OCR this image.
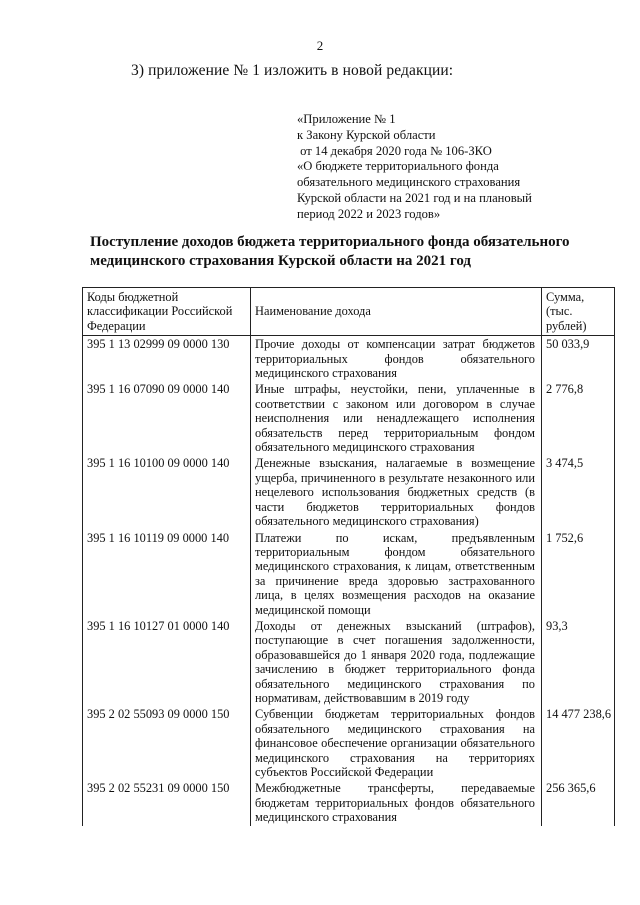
2
3) приложение № 1 изложить в новой редакции:
«Приложение № 1
к Закону Курской области
от 14 декабря 2020 года № 106-ЗКО
«О бюджете территориального фонда
обязательного медицинского страхования
Курской области на 2021 год и на плановый
период 2022 и 2023 годов»
Поступление доходов бюджета территориального фонда обязательного медицинского страхования Курской области на 2021 год
Коды бюджетной классификации Российской Федерации	Наименование дохода	Сумма, (тыс. рублей)
395 1 13 02999 09 0000 130	Прочие доходы от компенсации затрат бюджетов территориальных фондов обязательного медицинского страхования	50 033,9
395 1 16 07090 09 0000 140	Иные штрафы, неустойки, пени, уплаченные в соответствии с законом или договором в случае неисполнения или ненадлежащего исполнения обязательств перед территориальным фондом обязательного медицинского страхования	2 776,8
395 1 16 10100 09 0000 140	Денежные взыскания, налагаемые в возмещение ущерба, причиненного в результате незаконного или нецелевого использования бюджетных средств (в части бюджетов территориальных фондов обязательного медицинского страхования)	3 474,5
395 1 16 10119 09 0000 140	Платежи по искам, предъявленным территориальным фондом обязательного медицинского страхования, к лицам, ответственным за причинение вреда здоровью застрахованного лица, в целях возмещения расходов на оказание медицинской помощи	1 752,6
395 1 16 10127 01 0000 140	Доходы от денежных взысканий (штрафов), поступающие в счет погашения задолженности, образовавшейся до 1 января 2020 года, подлежащие зачислению в бюджет территориального фонда обязательного медицинского страхования по нормативам, действовавшим в 2019 году	93,3
395 2 02 55093 09 0000 150	Субвенции бюджетам территориальных фондов обязательного медицинского страхования на финансовое обеспечение организации обязательного медицинского страхования на территориях субъектов Российской Федерации	14 477 238,6
395 2 02 55231 09 0000 150	Межбюджетные трансферты, передаваемые бюджетам территориальных фондов обязательного медицинского страхования	256 365,6
